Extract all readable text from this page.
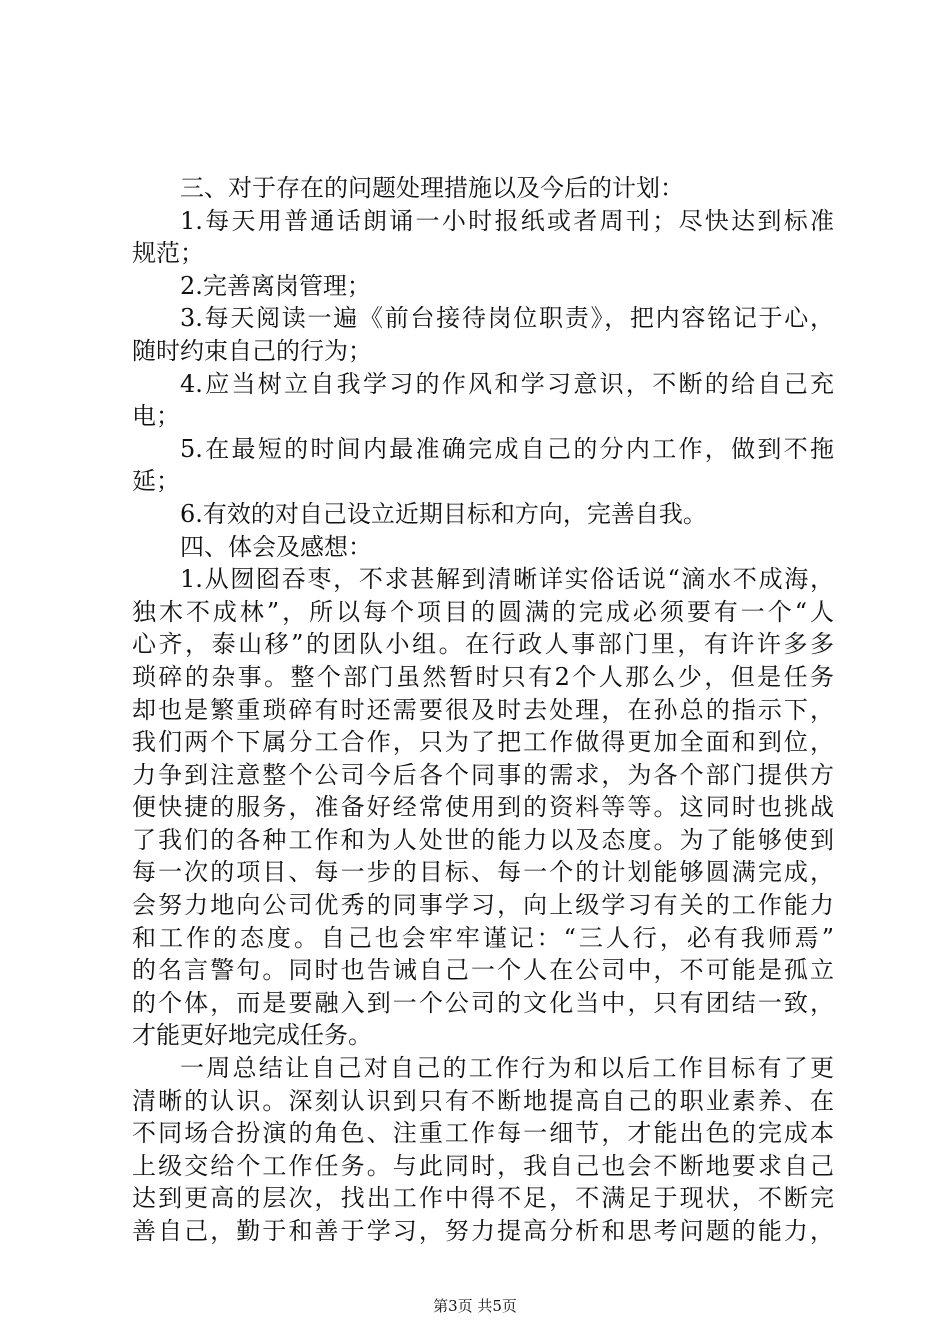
三、对于存在的问题处理措施以及今后的计划：
1.每天用普通话朗诵一小时报纸或者周刊；尽快达到标准
规范；
2.完善离岗管理；
3.每天阅读一遍《前台接待岗位职责》，把内容铭记于心，
随时约束自己的行为；
4.应当树立自我学习的作风和学习意识，不断的给自己充
电；
5.在最短的时间内最准确完成自己的分内工作，做到不拖
延；
6.有效的对自己设立近期目标和方向，完善自我。
四、体会及感想：
1.从囫囵吞枣，不求甚解到清晰详实俗话说“滴水不成海，
独木不成林”，所以每个项目的圆满的完成必须要有一个“人
心齐，泰山移”的团队小组。在行政人事部门里，有许许多多
琐碎的杂事。整个部门虽然暂时只有2个人那么少，但是任务
却也是繁重琐碎有时还需要很及时去处理，在孙总的指示下，
我们两个下属分工合作，只为了把工作做得更加全面和到位，
力争到注意整个公司今后各个同事的需求，为各个部门提供方
便快捷的服务，准备好经常使用到的资料等等。这同时也挑战
了我们的各种工作和为人处世的能力以及态度。为了能够使到
每一次的项目、每一步的目标、每一个的计划能够圆满完成，
会努力地向公司优秀的同事学习，向上级学习有关的工作能力
和工作的态度。自己也会牢牢谨记：“三人行，必有我师焉”
的名言警句。同时也告诫自己一个人在公司中，不可能是孤立
的个体，而是要融入到一个公司的文化当中，只有团结一致，
才能更好地完成任务。
一周总结让自己对自己的工作行为和以后工作目标有了更
清晰的认识。深刻认识到只有不断地提高自己的职业素养、在
不同场合扮演的角色、注重工作每一细节，才能出色的完成本
上级交给个工作任务。与此同时，我自己也会不断地要求自己
达到更高的层次，找出工作中得不足，不满足于现状，不断完
善自己，勤于和善于学习，努力提高分析和思考问题的能力，
第3页 共5页
